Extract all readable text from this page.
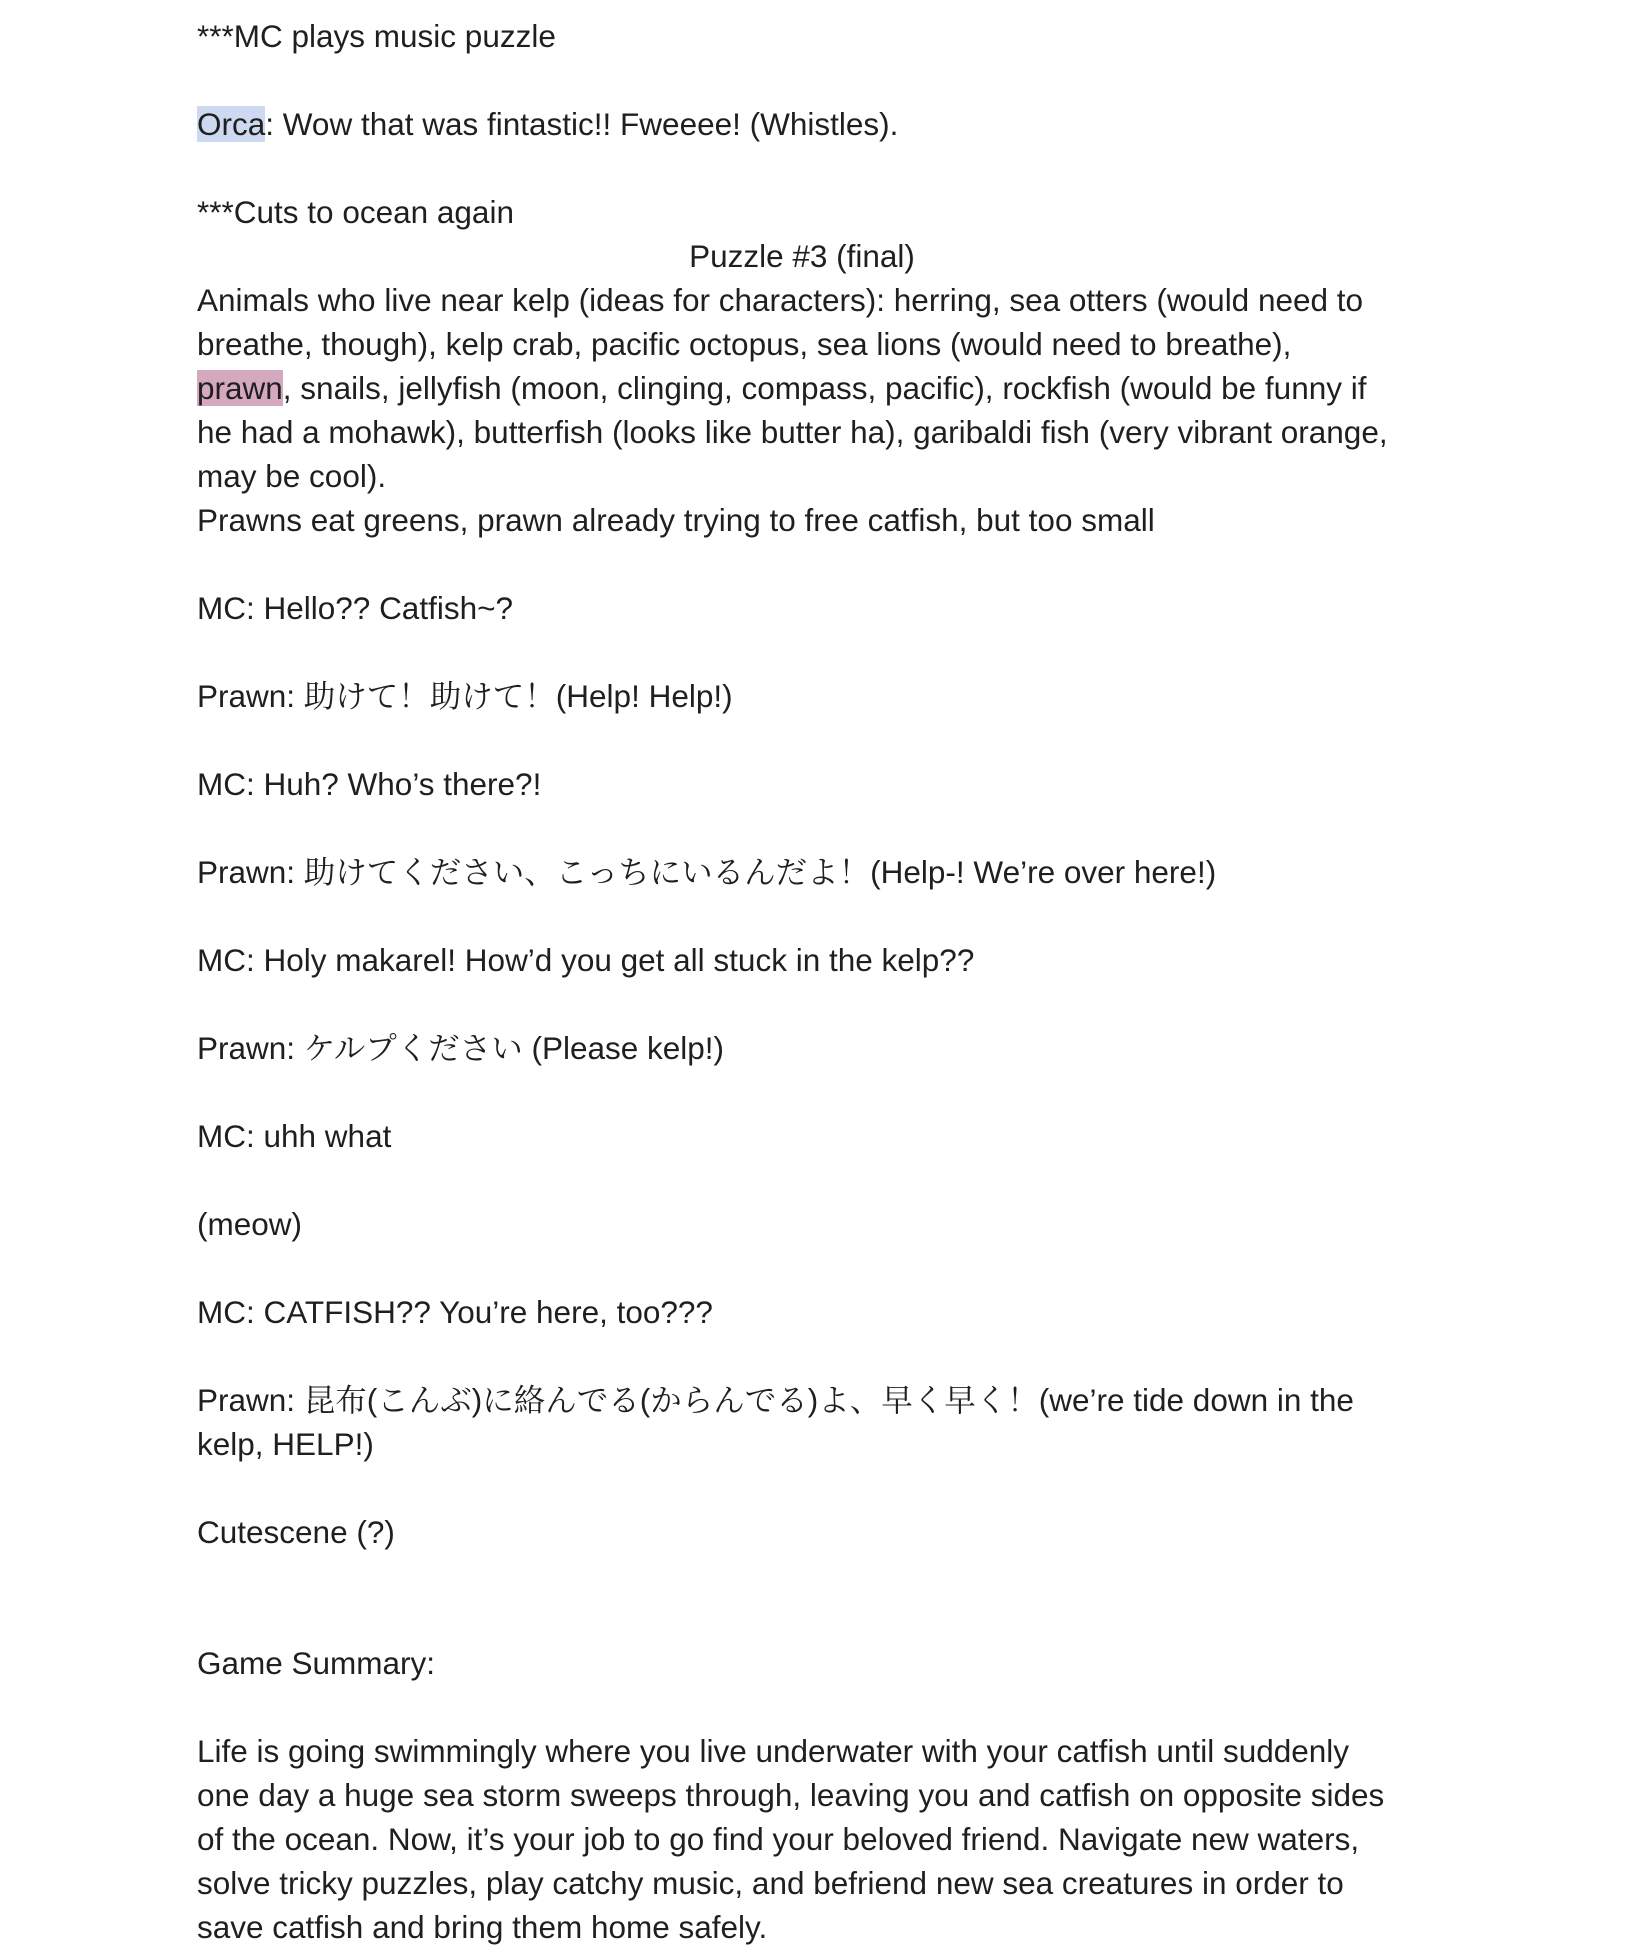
***MC plays music puzzle
Orca: Wow that was fintastic!! Fweeee! (Whistles).
***Cuts to ocean again
Puzzle #3 (final)
Animals who live near kelp (ideas for characters): herring, sea otters (would need to
breathe, though), kelp crab, pacific octopus, sea lions (would need to breathe),
prawn, snails, jellyfish (moon, clinging, compass, pacific), rockfish (would be funny if
he had a mohawk), butterfish (looks like butter ha), garibaldi fish (very vibrant orange,
may be cool).
Prawns eat greens, prawn already trying to free catfish, but too small
MC: Hello?? Catfish~?
Prawn: 助けて！助けて！(Help! Help!)
MC: Huh? Who’s there?!
Prawn: 助けてください、こっちにいるんだよ！(Help-! We’re over here!)
MC: Holy makarel! How’d you get all stuck in the kelp??
Prawn: ケルプください (Please kelp!)
MC: uhh what
(meow)
MC: CATFISH?? You’re here, too???
Prawn: 昆布(こんぶ)に絡んでる(からんでる)よ、早く早く！(we’re tide down in the
kelp, HELP!)
Cutescene (?)
Game Summary:
Life is going swimmingly where you live underwater with your catfish until suddenly
one day a huge sea storm sweeps through, leaving you and catfish on opposite sides
of the ocean. Now, it’s your job to go find your beloved friend. Navigate new waters,
solve tricky puzzles, play catchy music, and befriend new sea creatures in order to
save catfish and bring them home safely.
